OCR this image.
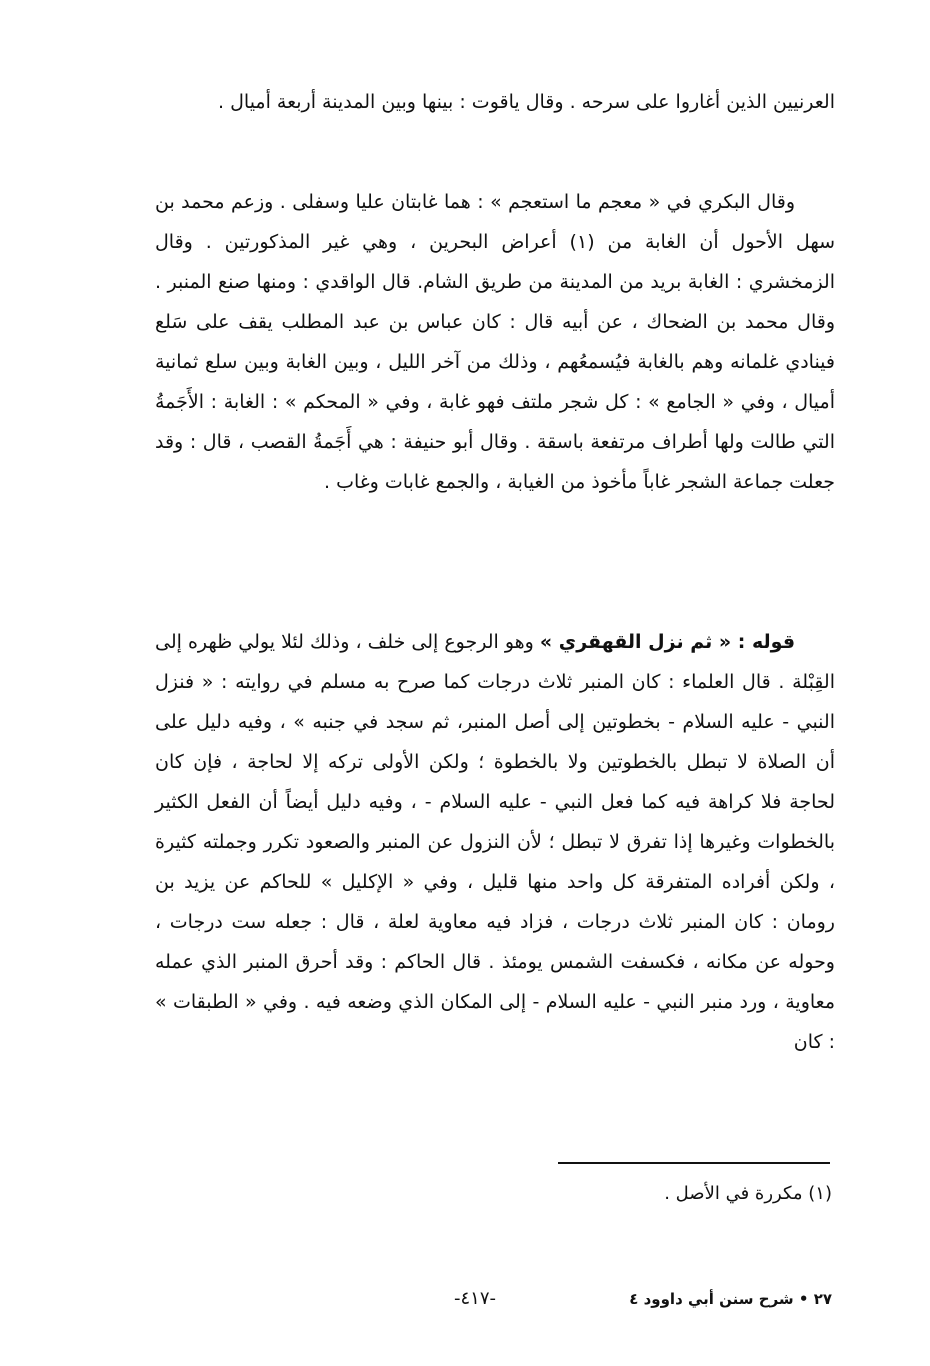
العرنيين الذين أغاروا على سرحه . وقال ياقوت : بينها وبين المدينة أربعة أميال .

وقال البكري في « معجم ما استعجم » : هما غابتان عليا وسفلى . وزعم محمد بن سهل الأحول أن الغابة من (١) أعراض البحرين ، وهي غير المذكورتين . وقال الزمخشري : الغابة بريد من المدينة من طريق الشام. قال الواقدي : ومنها صنع المنبر . وقال محمد بن الضحاك ، عن أبيه قال : كان عباس بن عبد المطلب يقف على سَلع فينادي غلمانه وهم بالغابة فيُسمعُهم ، وذلك من آخر الليل ، وبين الغابة وبين سلع ثمانية أميال ، وفي « الجامع » : كل شجر ملتف فهو غابة ، وفي « المحكم » : الغابة : الأَجَمةُ التي طالت ولها أطراف مرتفعة باسقة . وقال أبو حنيفة : هي أَجَمةُ القصب ، قال : وقد جعلت جماعة الشجر غاباً مأخوذ من الغيابة ، والجمع غابات وغاب .

قوله : « ثم نزل القهقري » وهو الرجوع إلى خلف ، وذلك لئلا يولي ظهره إلى القِبْلة . قال العلماء : كان المنبر ثلاث درجات كما صرح به مسلم في روايته : « فنزل النبي - عليه السلام - بخطوتين إلى أصل المنبر، ثم سجد في جنبه » ، وفيه دليل على أن الصلاة لا تبطل بالخطوتين ولا بالخطوة ؛ ولكن الأولى تركه إلا لحاجة ، فإن كان لحاجة فلا كراهة فيه كما فعل النبي - عليه السلام - ، وفيه دليل أيضاً أن الفعل الكثير بالخطوات وغيرها إذا تفرق لا تبطل ؛ لأن النزول عن المنبر والصعود تكرر وجملته كثيرة ، ولكن أفراده المتفرقة كل واحد منها قليل ، وفي « الإكليل » للحاكم عن يزيد بن رومان : كان المنبر ثلاث درجات ، فزاد فيه معاوية لعلة ، قال : جعله ست درجات ، وحوله عن مكانه ، فكسفت الشمس يومئذ . قال الحاكم : وقد أحرق المنبر الذي عمله معاوية ، ورد منبر النبي - عليه السلام - إلى المكان الذي وضعه فيه . وفي « الطبقات » : كان

(١) مكررة في الأصل .
٢٧ • شرح سنن أبي داوود ٤
-٤١٧-
